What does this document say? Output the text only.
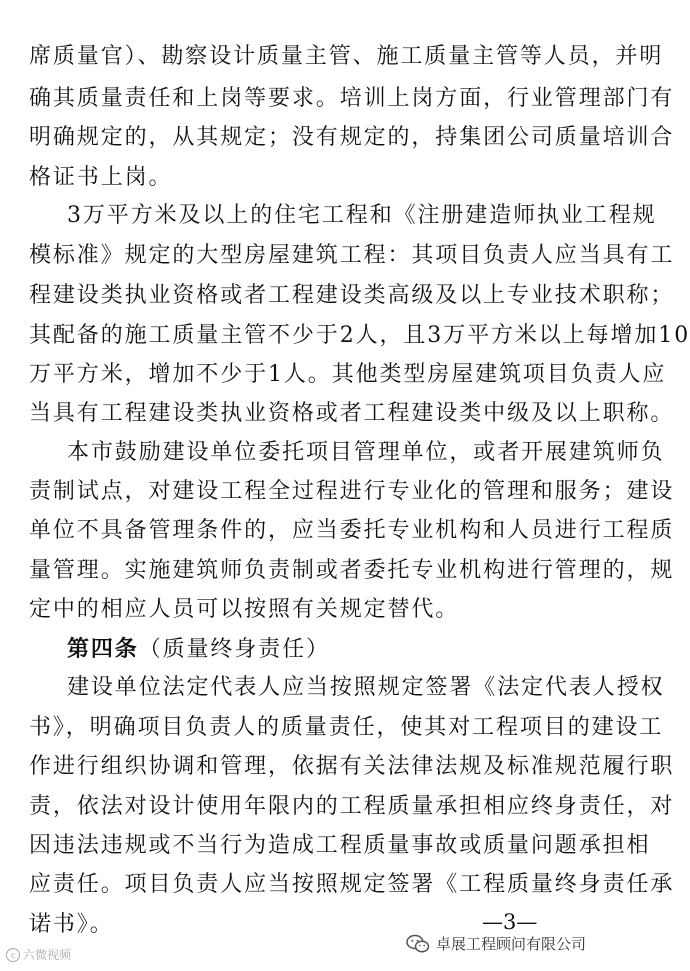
席质量官）、勘察设计质量主管、施工质量主管等人员，并明
确其质量责任和上岗等要求。培训上岗方面，行业管理部门有
明确规定的，从其规定；没有规定的，持集团公司质量培训合
格证书上岗。
3万平方米及以上的住宅工程和《注册建造师执业工程规
模标准》规定的大型房屋建筑工程：其项目负责人应当具有工
程建设类执业资格或者工程建设类高级及以上专业技术职称；
其配备的施工质量主管不少于2人，且3万平方米以上每增加10
万平方米，增加不少于1人。其他类型房屋建筑项目负责人应
当具有工程建设类执业资格或者工程建设类中级及以上职称。
本市鼓励建设单位委托项目管理单位，或者开展建筑师负
责制试点，对建设工程全过程进行专业化的管理和服务；建设
单位不具备管理条件的，应当委托专业机构和人员进行工程质
量管理。实施建筑师负责制或者委托专业机构进行管理的，规
定中的相应人员可以按照有关规定替代。
第四条（质量终身责任）
建设单位法定代表人应当按照规定签署《法定代表人授权
书》，明确项目负责人的质量责任，使其对工程项目的建设工
作进行组织协调和管理，依据有关法律法规及标准规范履行职
责，依法对设计使用年限内的工程质量承担相应终身责任，对
因违法违规或不当行为造成工程质量事故或质量问题承担相
应责任。项目负责人应当按照规定签署《工程质量终身责任承
诺书》。	—3—
c 六微视频
卓展工程顾问有限公司
